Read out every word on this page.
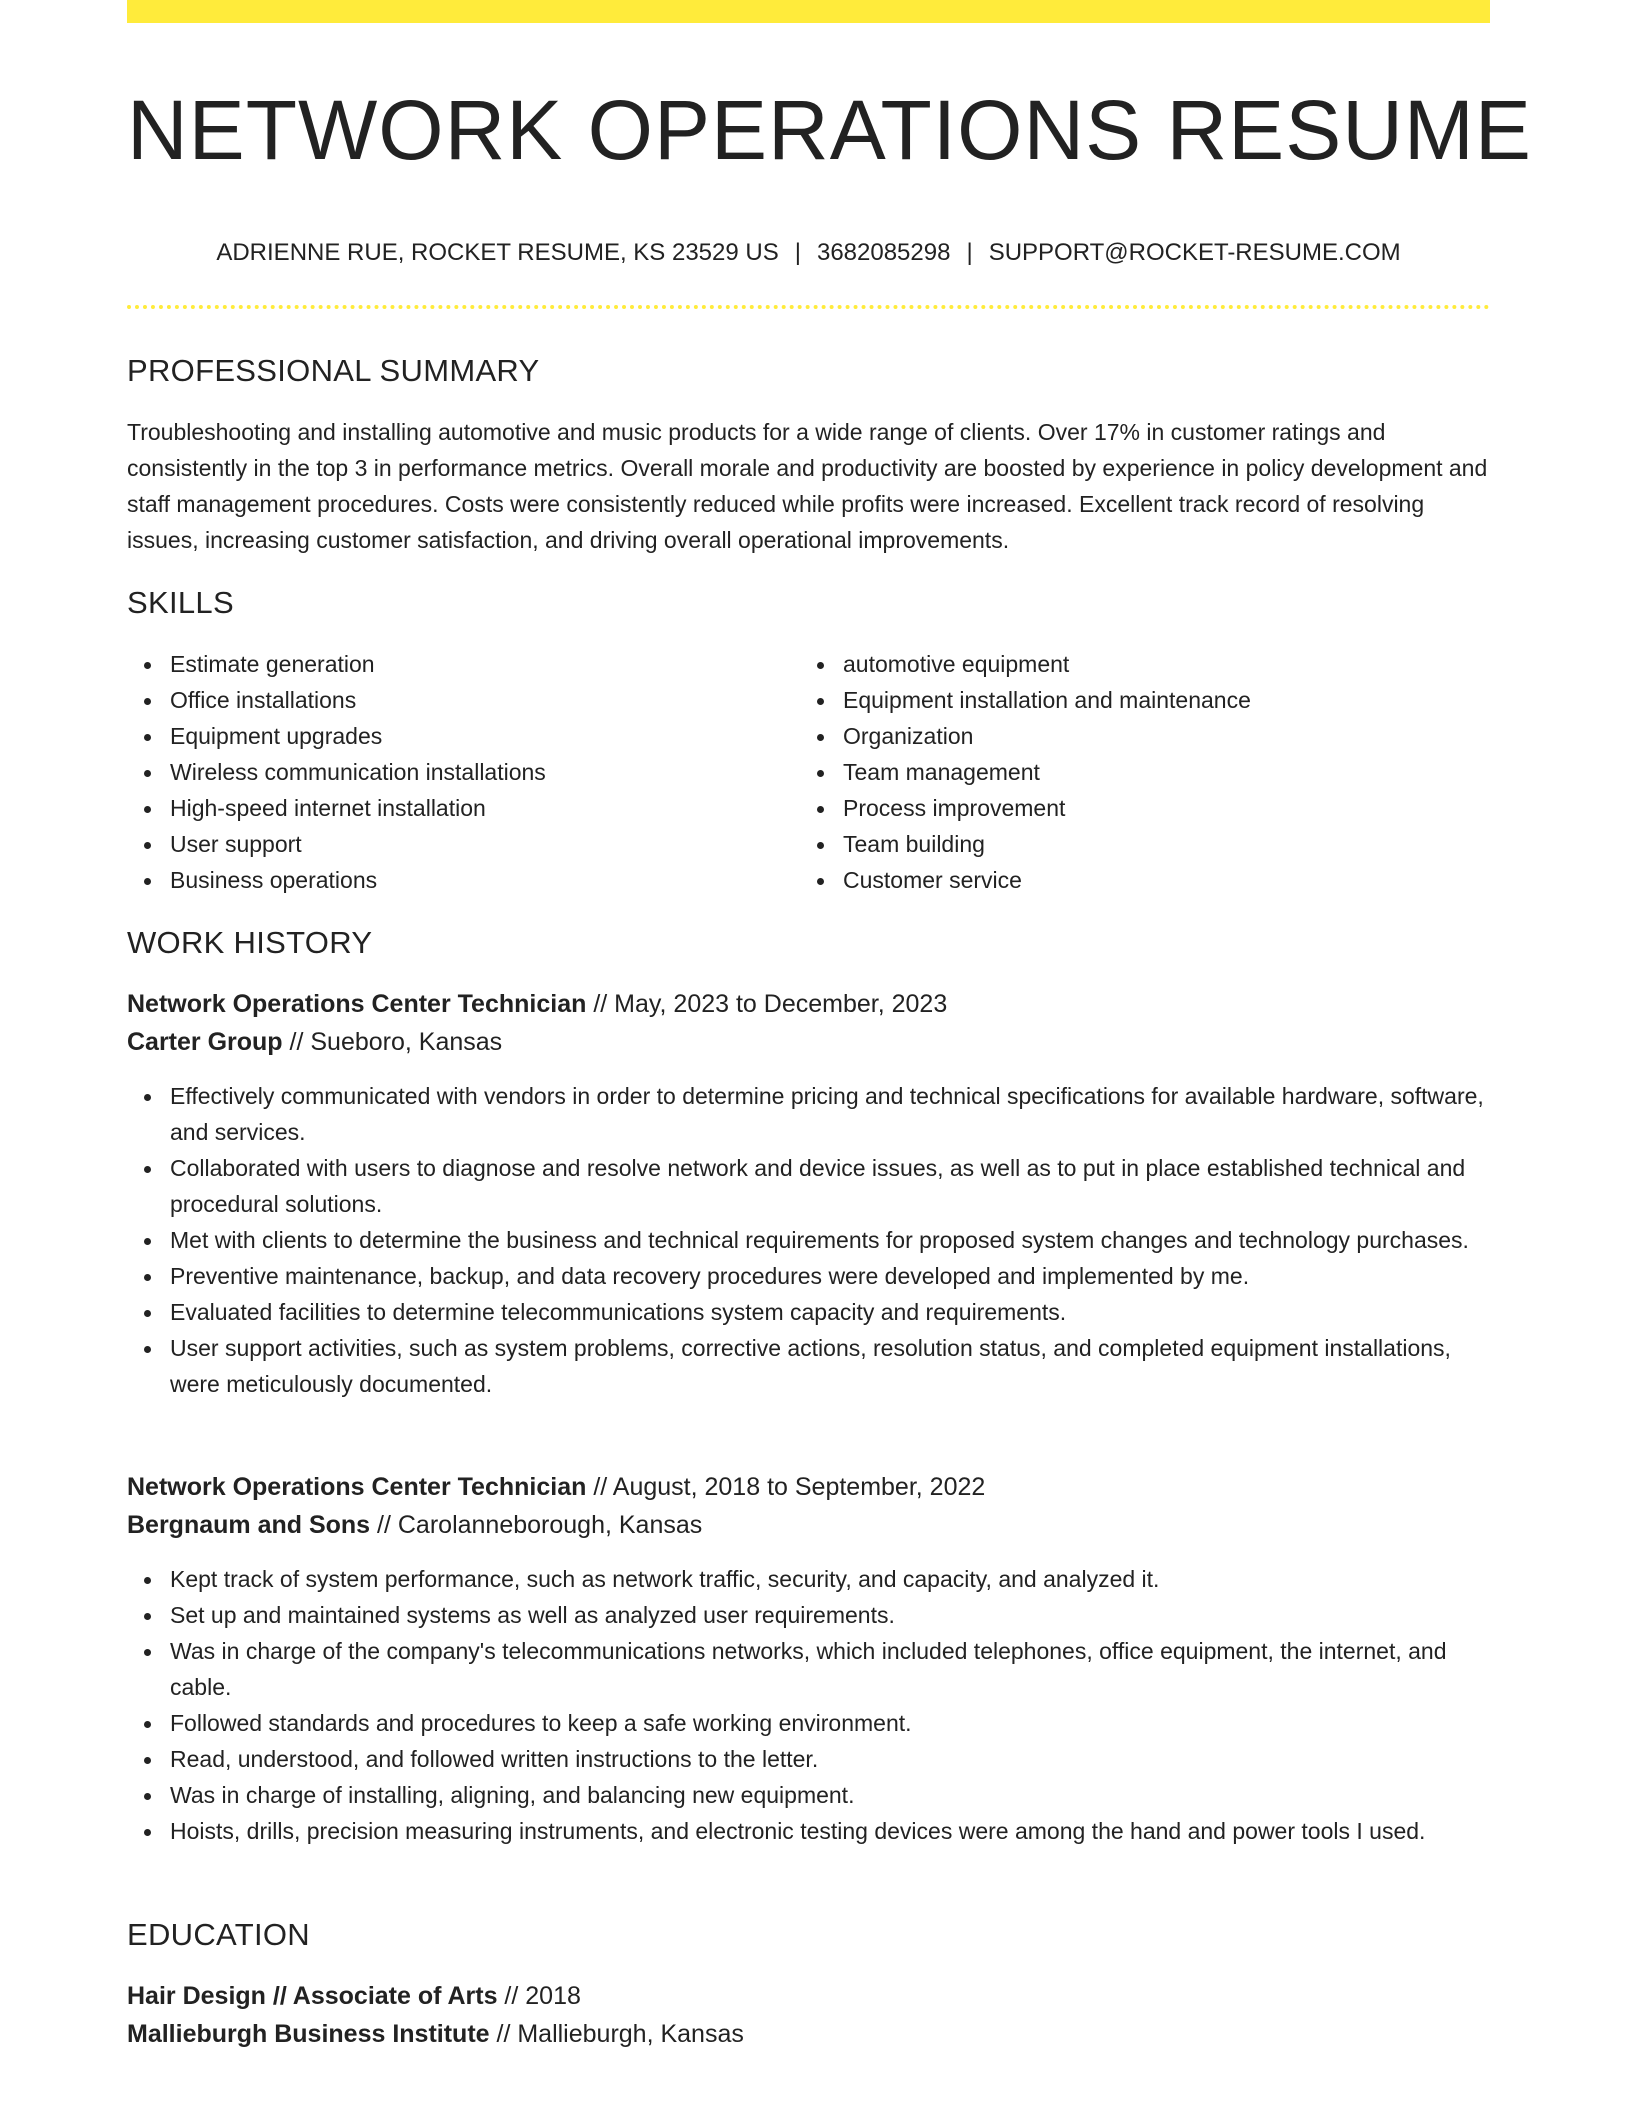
NETWORK OPERATIONS RESUME
ADRIENNE RUE, ROCKET RESUME, KS 23529 US | 3682085298 | SUPPORT@ROCKET-RESUME.COM
PROFESSIONAL SUMMARY

Troubleshooting and installing automotive and music products for a wide range of clients. Over 17% in customer ratings and consistently in the top 3 in performance metrics. Overall morale and productivity are boosted by experience in policy development and staff management procedures. Costs were consistently reduced while profits were increased. Excellent track record of resolving issues, increasing customer satisfaction, and driving overall operational improvements.

SKILLS
Estimate generation
Office installations
Equipment upgrades
Wireless communication installations
High-speed internet installation
User support
Business operations
automotive equipment
Equipment installation and maintenance
Organization
Team management
Process improvement
Team building
Customer service
WORK HISTORY
Network Operations Center Technician // May, 2023 to December, 2023
Carter Group // Sueboro, Kansas
Effectively communicated with vendors in order to determine pricing and technical specifications for available hardware, software, and services.
Collaborated with users to diagnose and resolve network and device issues, as well as to put in place established technical and procedural solutions.
Met with clients to determine the business and technical requirements for proposed system changes and technology purchases.
Preventive maintenance, backup, and data recovery procedures were developed and implemented by me.
Evaluated facilities to determine telecommunications system capacity and requirements.
User support activities, such as system problems, corrective actions, resolution status, and completed equipment installations, were meticulously documented.
Network Operations Center Technician // August, 2018 to September, 2022
Bergnaum and Sons // Carolanneborough, Kansas
Kept track of system performance, such as network traffic, security, and capacity, and analyzed it.
Set up and maintained systems as well as analyzed user requirements.
Was in charge of the company's telecommunications networks, which included telephones, office equipment, the internet, and cable.
Followed standards and procedures to keep a safe working environment.
Read, understood, and followed written instructions to the letter.
Was in charge of installing, aligning, and balancing new equipment.
Hoists, drills, precision measuring instruments, and electronic testing devices were among the hand and power tools I used.
EDUCATION
Hair Design // Associate of Arts // 2018
Mallieburgh Business Institute // Mallieburgh, Kansas
